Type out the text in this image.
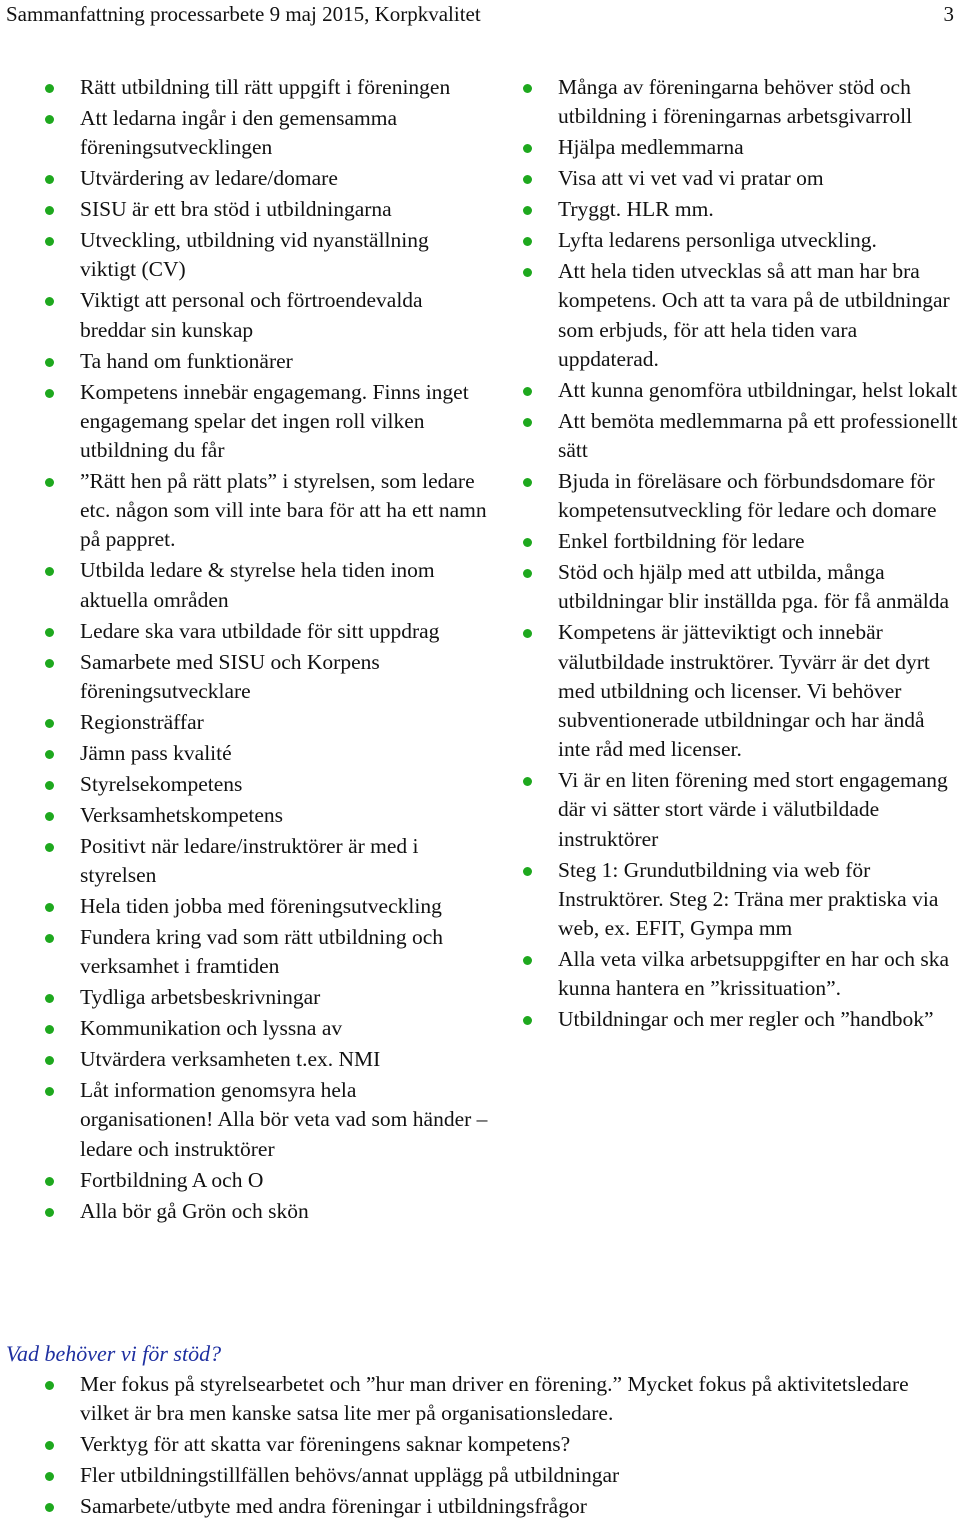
Sammanfattning processarbete 9 maj 2015, Korpkvalitet	3
Rätt utbildning till rätt uppgift i föreningen
Att ledarna ingår i den gemensamma föreningsutvecklingen
Utvärdering av ledare/domare
SISU är ett bra stöd i utbildningarna
Utveckling, utbildning vid nyanställning viktigt (CV)
Viktigt att personal och förtroendevalda breddar sin kunskap
Ta hand om funktionärer
Kompetens innebär engagemang. Finns inget engagemang spelar det ingen roll vilken utbildning du får
”Rätt hen på rätt plats” i styrelsen, som ledare etc. någon som vill inte bara för att ha ett namn på pappret.
Utbilda ledare & styrelse hela tiden inom aktuella områden
Ledare ska vara utbildade för sitt uppdrag
Samarbete med SISU och Korpens föreningsutvecklare
Regionsträffar
Jämn pass kvalité
Styrelsekompetens
Verksamhetskompetens
Positivt när ledare/instruktörer är med i styrelsen
Hela tiden jobba med föreningsutveckling
Fundera kring vad som rätt utbildning och verksamhet i framtiden
Tydliga arbetsbeskrivningar
Kommunikation och lyssna av
Utvärdera verksamheten t.ex. NMI
Låt information genomsyra hela organisationen! Alla bör veta vad som händer – ledare och instruktörer
Fortbildning A och O
Alla bör gå Grön och skön
Många av föreningarna behöver stöd och utbildning i föreningarnas arbetsgivarroll
Hjälpa medlemmarna
Visa att vi vet vad vi pratar om
Tryggt. HLR mm.
Lyfta ledarens personliga utveckling.
Att hela tiden utvecklas så att man har bra kompetens. Och att ta vara på de utbildningar som erbjuds, för att hela tiden vara uppdaterad.
Att kunna genomföra utbildningar, helst lokalt
Att bemöta medlemmarna på ett professionellt sätt
Bjuda in föreläsare och förbundsdomare för kompetensutveckling för ledare och domare
Enkel fortbildning för ledare
Stöd och hjälp med att utbilda, många utbildningar blir inställda pga. för få anmälda
Kompetens är jätteviktigt och innebär välutbildade instruktörer. Tyvärr är det dyrt med utbildning och licenser. Vi behöver subventionerade utbildningar och har ändå inte råd med licenser.
Vi är en liten förening med stort engagemang där vi sätter stort värde i välutbildade instruktörer
Steg 1: Grundutbildning via web för Instruktörer. Steg 2: Träna mer praktiska via web, ex. EFIT, Gympa mm
Alla veta vilka arbetsuppgifter en har och ska kunna hantera en ”krissituation”.
Utbildningar och mer regler och ”handbok”
Vad behöver vi för stöd?
Mer fokus på styrelsearbetet och ”hur man driver en förening.” Mycket fokus på aktivitetsledare vilket är bra men kanske satsa lite mer på organisationsledare.
Verktyg för att skatta var föreningens saknar kompetens?
Fler utbildningstillfällen behövs/annat upplägg på utbildningar
Samarbete/utbyte med andra föreningar i utbildningsfrågor
